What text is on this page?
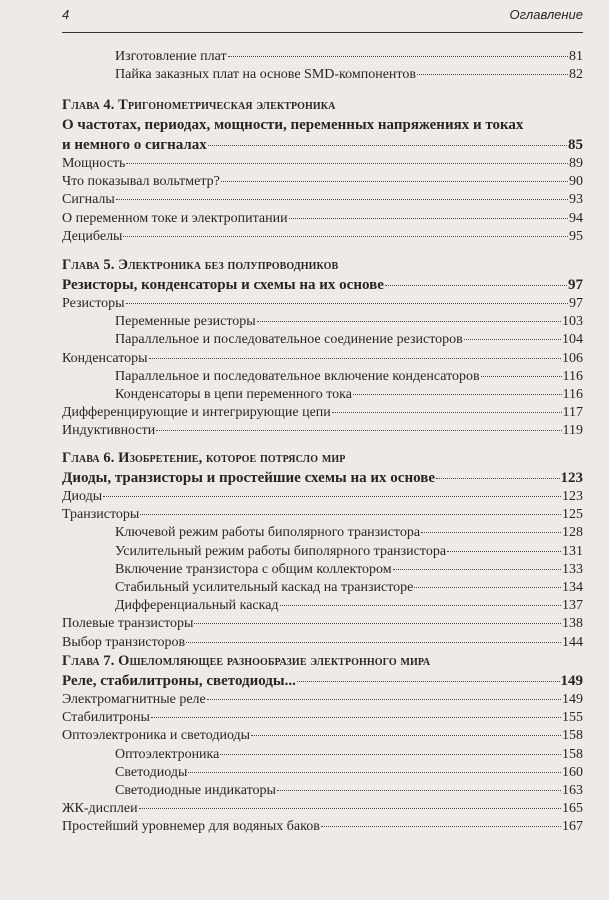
4	Оглавление
Изготовление плат	81
Пайка заказных плат на основе SMD-компонентов	82
Глава 4. Тригонометрическая электроника
О частотах, периодах, мощности, переменных напряжениях и токах
и немного о сигналах	85
Мощность	89
Что показывал вольтметр?	90
Сигналы	93
О переменном токе и электропитании	94
Децибелы	95
Глава 5. Электроника без полупроводников
Резисторы, конденсаторы и схемы на их основе	97
Резисторы	97
Переменные резисторы	103
Параллельное и последовательное соединение резисторов	104
Конденсаторы	106
Параллельное и последовательное включение конденсаторов	116
Конденсаторы в цепи переменного тока	116
Дифференцирующие и интегрирующие цепи	117
Индуктивности	119
Глава 6. Изобретение, которое потрясло мир
Диоды, транзисторы и простейшие схемы на их основе	123
Диоды	123
Транзисторы	125
Ключевой режим работы биполярного транзистора	128
Усилительный режим работы биполярного транзистора	131
Включение транзистора с общим коллектором	133
Стабильный усилительный каскад на транзисторе	134
Дифференциальный каскад	137
Полевые транзисторы	138
Выбор транзисторов	144
Глава 7. Ошеломляющее разнообразие электронного мира
Реле, стабилитроны, светодиоды...	149
Электромагнитные реле	149
Стабилитроны	155
Оптоэлектроника и светодиоды	158
Оптоэлектроника	158
Светодиоды	160
Светодиодные индикаторы	163
ЖК-дисплеи	165
Простейший уровнемер для водяных баков	167
